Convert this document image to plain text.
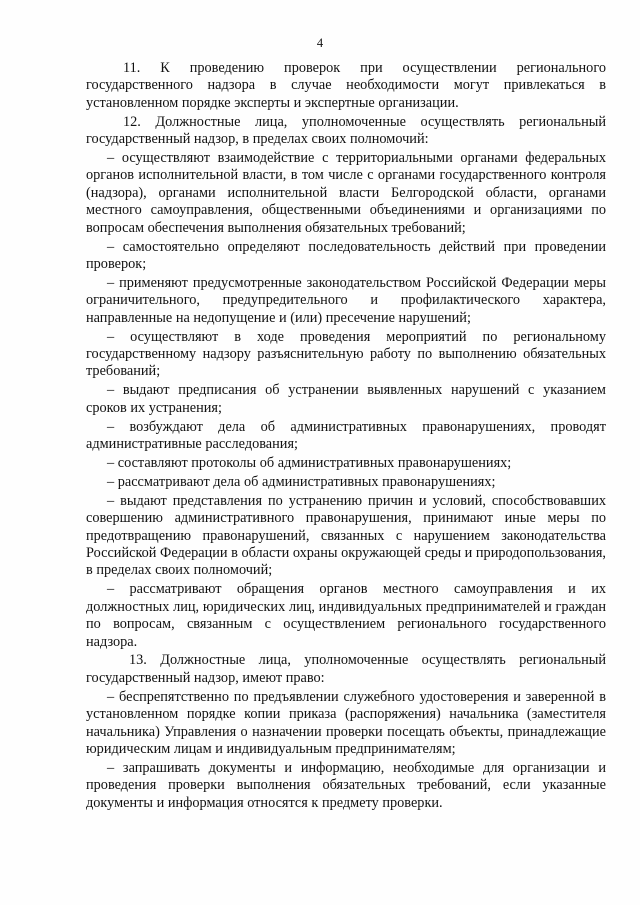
4

11. К проведению проверок при осуществлении регионального государственного надзора в случае необходимости могут привлекаться в установленном порядке эксперты и экспертные организации.

12. Должностные лица, уполномоченные осуществлять региональный государственный надзор, в пределах своих полномочий:

– осуществляют взаимодействие с территориальными органами федеральных органов исполнительной власти, в том числе с органами государственного контроля (надзора), органами исполнительной власти Белгородской области, органами местного самоуправления, общественными объединениями и организациями по вопросам обеспечения выполнения обязательных требований;

– самостоятельно определяют последовательность действий при проведении проверок;

– применяют предусмотренные законодательством Российской Федерации меры ограничительного, предупредительного и профилактического характера, направленные на недопущение и (или) пресечение нарушений;

– осуществляют в ходе проведения мероприятий по региональному государственному надзору разъяснительную работу по выполнению обязательных требований;

– выдают предписания об устранении выявленных нарушений с указанием сроков их устранения;

– возбуждают дела об административных правонарушениях, проводят административные расследования;

– составляют протоколы об административных правонарушениях;

– рассматривают дела об административных правонарушениях;

– выдают представления по устранению причин и условий, способствовавших совершению административного правонарушения, принимают иные меры по предотвращению правонарушений, связанных с нарушением законодательства Российской Федерации в области охраны окружающей среды и природопользования, в пределах своих полномочий;

– рассматривают обращения органов местного самоуправления и их должностных лиц, юридических лиц, индивидуальных предпринимателей и граждан по вопросам, связанным с осуществлением регионального государственного надзора.

13. Должностные лица, уполномоченные осуществлять региональный государственный надзор, имеют право:

– беспрепятственно по предъявлении служебного удостоверения и заверенной в установленном порядке копии приказа (распоряжения) начальника (заместителя начальника) Управления о назначении проверки посещать объекты, принадлежащие юридическим лицам и индивидуальным предпринимателям;

– запрашивать документы и информацию, необходимые для организации и проведения проверки выполнения обязательных требований, если указанные документы и информация относятся к предмету проверки.
